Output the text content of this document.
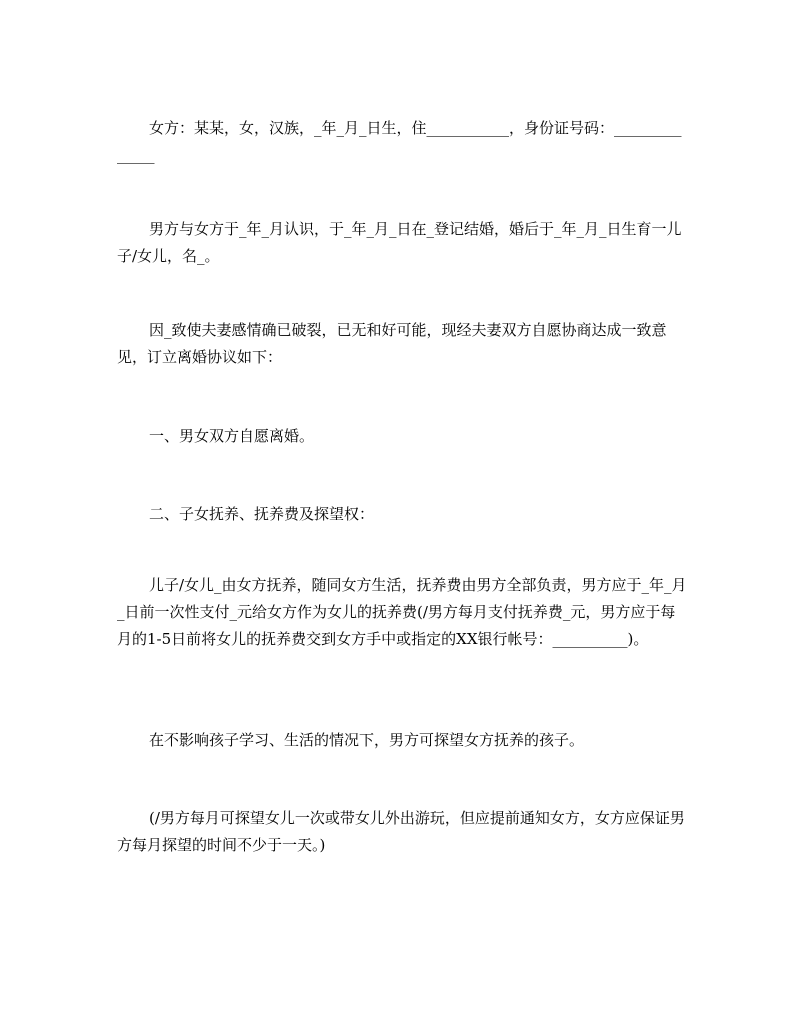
女方：某某，女，汉族，_年_月_日生，住___________，身份证号码：______________

男方与女方于_年_月认识，于_年_月_日在_登记结婚，婚后于_年_月_日生育一儿子/女儿，名_。

因_致使夫妻感情确已破裂，已无和好可能，现经夫妻双方自愿协商达成一致意见，订立离婚协议如下：

一、男女双方自愿离婚。

二、子女抚养、抚养费及探望权：

儿子/女儿_由女方抚养，随同女方生活，抚养费由男方全部负责，男方应于_年_月_日前一次性支付_元给女方作为女儿的抚养费(/男方每月支付抚养费_元，男方应于每月的1-5日前将女儿的抚养费交到女方手中或指定的XX银行帐号：__________)。

在不影响孩子学习、生活的情况下，男方可探望女方抚养的孩子。

(/男方每月可探望女儿一次或带女儿外出游玩，但应提前通知女方，女方应保证男方每月探望的时间不少于一天。)
